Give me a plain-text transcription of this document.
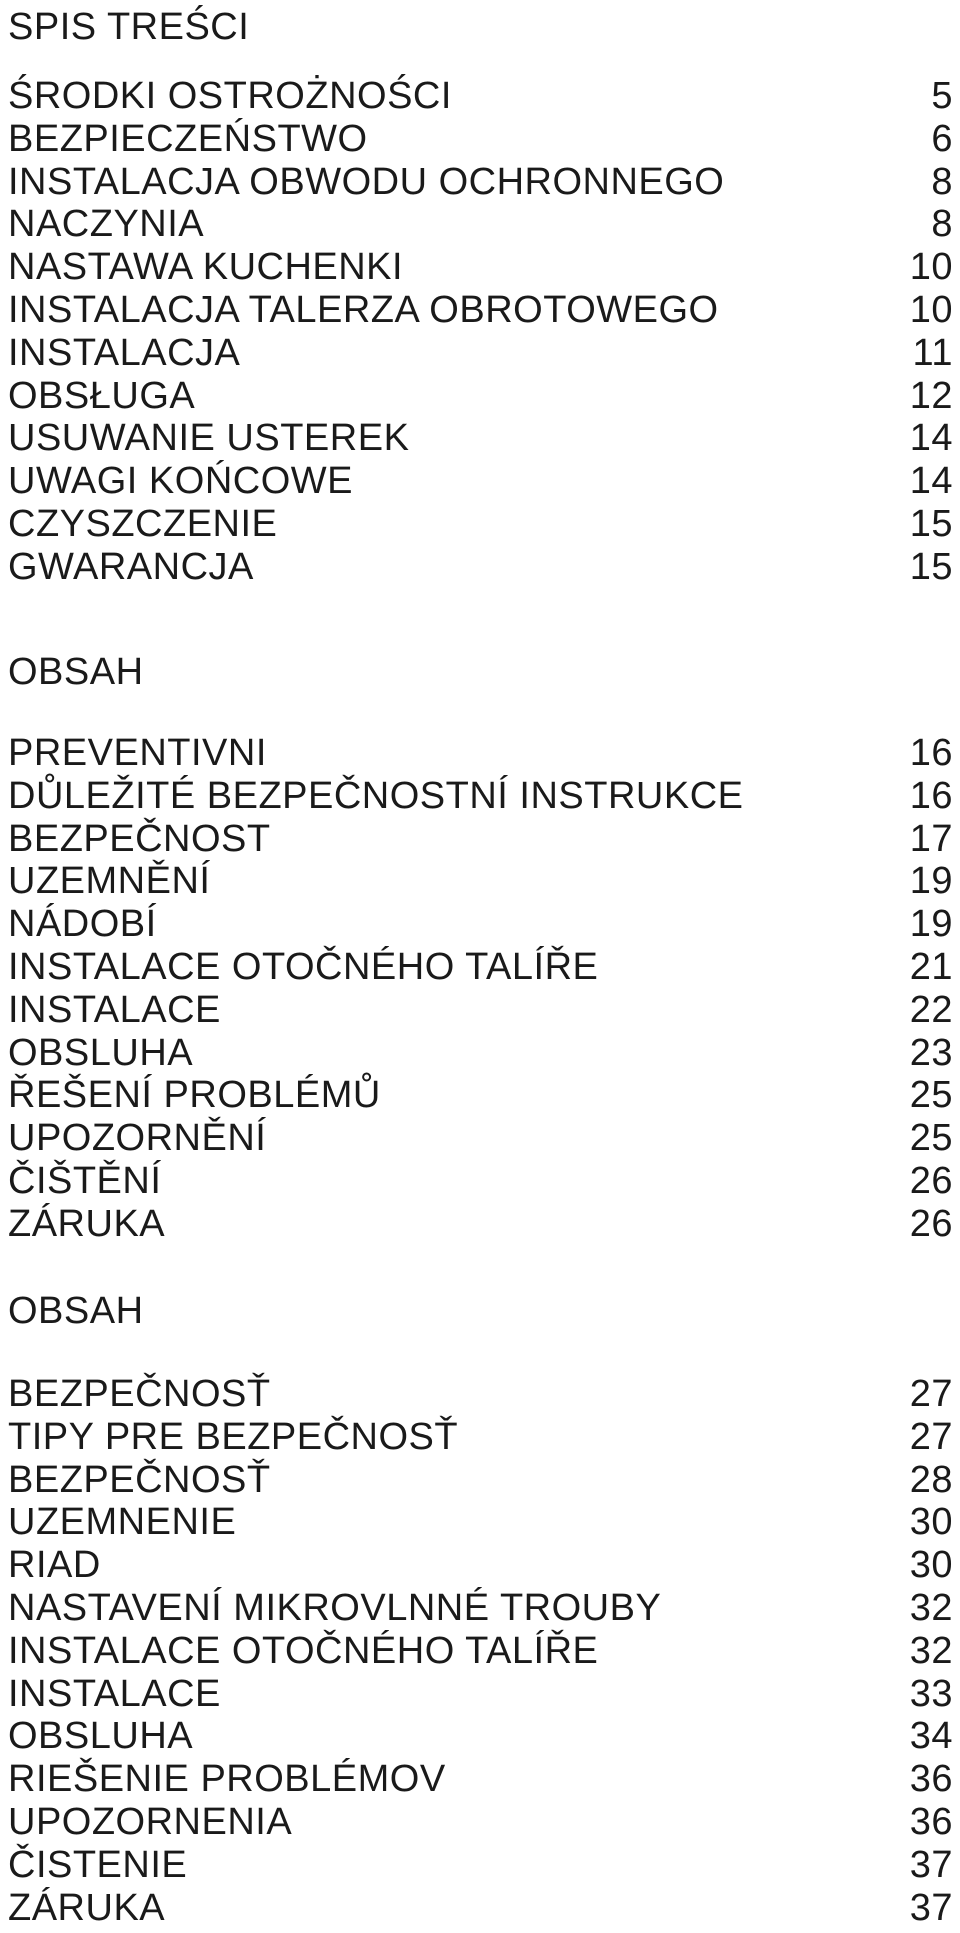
SPIS TREŚCI
ŚRODKI OSTROŻNOŚCI	5
BEZPIECZEŃSTWO	6
INSTALACJA OBWODU OCHRONNEGO	8
NACZYNIA	8
NASTAWA KUCHENKI	10
INSTALACJA TALERZA OBROTOWEGO	10
INSTALACJA	11
OBSŁUGA	12
USUWANIE USTEREK	14
UWAGI KOŃCOWE	14
CZYSZCZENIE	15
GWARANCJA	15
OBSAH
PREVENTIVNI	16
DŮLEŽITÉ BEZPEČNOSTNÍ INSTRUKCE	16
BEZPEČNOST	17
UZEMNĚNÍ	19
NÁDOBÍ	19
INSTALACE OTOČNÉHO TALÍŘE	21
INSTALACE	22
OBSLUHA	23
ŘEŠENÍ PROBLÉMŮ	25
UPOZORNĚNÍ	25
ČIŠTĚNÍ	26
ZÁRUKA	26
OBSAH
BEZPEČNOSŤ	27
TIPY PRE BEZPEČNOSŤ	27
BEZPEČNOSŤ	28
UZEMNENIE	30
RIAD	30
NASTAVENÍ MIKROVLNNÉ TROUBY	32
INSTALACE OTOČNÉHO TALÍŘE	32
INSTALACE	33
OBSLUHA	34
RIEŠENIE PROBLÉMOV	36
UPOZORNENIA	36
ČISTENIE	37
ZÁRUKA	37
